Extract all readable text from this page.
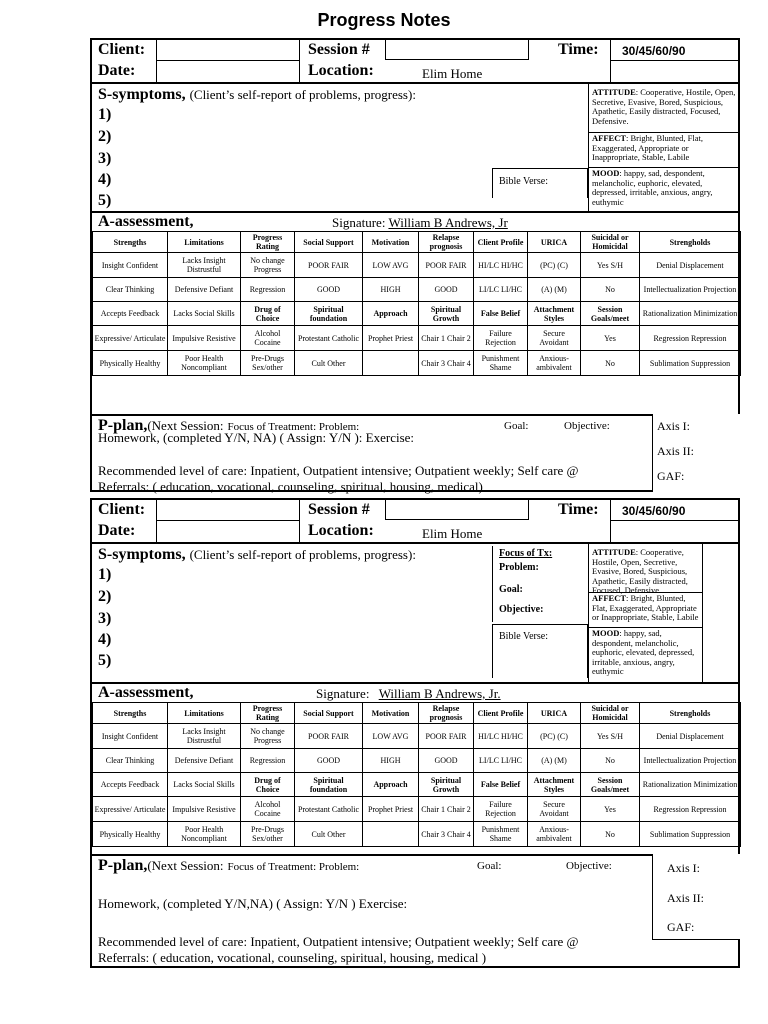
Progress Notes
Client:
Date:
Session #
Location:	Elim Home
Time: 30/45/60/90
S-symptoms, (Client’s self-report of problems, progress):
1)
2)
3)
4)
5)
Bible Verse:
ATTITUDE: Cooperative, Hostile, Open, Secretive, Evasive, Bored, Suspicious, Apathetic, Easily distracted, Focused, Defensive.
AFFECT: Bright, Blunted, Flat, Exaggerated, Appropriate or Inappropriate, Stable, Labile
MOOD: happy, sad, despondent, melancholic, euphoric, elevated, depressed, irritable, anxious, angry, euthymic
A-assessment,	Signature: William B Andrews, Jr
Strengths	Limitations	Progress Rating	Social Support	Motivation	Relapse prognosis	Client Profile	URICA	Suicidal or Homicidal	Strengholds
Insight Confident	Lacks Insight Distrustful	No change Progress	POOR FAIR	LOW AVG	POOR FAIR	HI/LC HI/HC	(PC) (C)	Yes S/H	Denial Displacement
Clear Thinking	Defensive Defiant	Regression	GOOD	HIGH	GOOD	LI/LC LI/HC	(A) (M)	No	Intellectualization Projection
Accepts Feedback	Lacks Social Skills	Drug of Choice	Spiritual foundation	Approach	Spiritual Growth	False Belief	Attachment Styles	Session Goals/meet	Rationalization Minimization
Expressive/ Articulate	Impulsive Resistive	Alcohol Cocaine	Protestant Catholic	Prophet Priest	Chair 1 Chair 2	Failure Rejection	Secure Avoidant	Yes	Regression Repression
Physically Healthy	Poor Health Noncompliant	Pre-Drugs Sex/other	Cult Other		Chair 3 Chair 4	Punishment Shame	Anxious-ambivalent	No	Sublimation Suppression
P-plan,(Next Session: Focus of Treatment: Problem:	Goal:	Objective:
Homework, (completed Y/N, NA) ( Assign: Y/N ): Exercise:
Recommended level of care: Inpatient, Outpatient intensive; Outpatient weekly; Self care @
Referrals: ( education, vocational, counseling, spiritual, housing, medical)
Axis I:
Axis II:
GAF:
Client:
Date:
Session #
Location:	Elim Home
Time: 30/45/60/90
S-symptoms, (Client’s self-report of problems, progress):
1)
2)
3)
4)
5)
Focus of Tx:
Problem:
Goal:
Objective:
Bible Verse:
ATTITUDE: Cooperative, Hostile, Open, Secretive, Evasive, Bored, Suspicious, Apathetic, Easily distracted, Focused, Defensive.
AFFECT: Bright, Blunted, Flat, Exaggerated, Appropriate or Inappropriate, Stable, Labile
MOOD: happy, sad, despondent, melancholic, euphoric, elevated, depressed, irritable, anxious, angry, euthymic
A-assessment,	Signature: William B Andrews, Jr.
Strengths	Limitations	Progress Rating	Social Support	Motivation	Relapse prognosis	Client Profile	URICA	Suicidal or Homicidal	Strengholds
Insight Confident	Lacks Insight Distrustful	No change Progress	POOR FAIR	LOW AVG	POOR FAIR	HI/LC HI/HC	(PC) (C)	Yes S/H	Denial Displacement
Clear Thinking	Defensive Defiant	Regression	GOOD	HIGH	GOOD	LI/LC LI/HC	(A) (M)	No	Intellectualization Projection
Accepts Feedback	Lacks Social Skills	Drug of Choice	Spiritual foundation	Approach	Spiritual Growth	False Belief	Attachment Styles	Session Goals/meet	Rationalization Minimization
Expressive/ Articulate	Impulsive Resistive	Alcohol Cocaine	Protestant Catholic	Prophet Priest	Chair 1 Chair 2	Failure Rejection	Secure Avoidant	Yes	Regression Repression
Physically Healthy	Poor Health Noncompliant	Pre-Drugs Sex/other	Cult Other		Chair 3 Chair 4	Punishment Shame	Anxious-ambivalent	No	Sublimation Suppression
P-plan,(Next Session: Focus of Treatment: Problem:	Goal:	Objective:
Homework, (completed Y/N,NA) ( Assign: Y/N ) Exercise:
Recommended level of care: Inpatient, Outpatient intensive; Outpatient weekly; Self care @
Referrals: ( education, vocational, counseling, spiritual, housing, medical )
Axis I:
Axis II:
GAF:
